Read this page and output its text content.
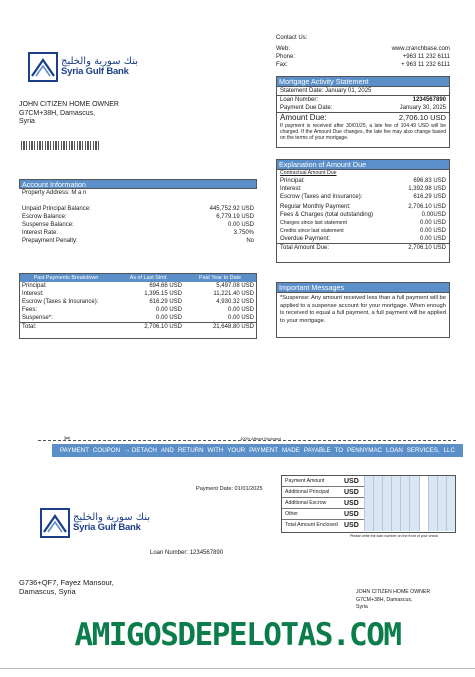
بنك سورية والخليج
Syria Gulf Bank
Contact Us:
Web:	www.cranchbase.com
Phone:	+963 11 232 6111
Fax:	+ 963 11 232 6111
JOHN CITIZEN HOME OWNER
G7CM+38H, Damascus,
Syria
Mortgage Activity Statement
Statement Date: January 01, 2025
Loan Number:	1234567890
Payment Due Date:	January 30, 2025
Amount Due:	2,706.10 USD
If payment is received after 30/01/25, a late fee of 104.49 USD will be charged. If the Amount Due changes, the late fee may also change based on the terms of your mortgage.
Explanation of Amount Due
Contractual Amount Due
Principal:	696.83 USD
Interest:	1,392.98 USD
Escrow (Taxes and Insurance):	616.29 USD
Regular Monthly Payment:	2,706.10 USD
Fees & Charges (total outstanding)	0.00USD
Charges since last statement	0.00 USD
Credits since last statement	0.00 USD
Overdue Payment:	0.00 USD
Total Amount Due:	2,706.10 USD
Account Information
Property Address: M a n
Unpaid Principal Balance:	445,752.92 USD
Escrow Balance:	6,779.19 USD
Suspense Balance:	0.00 USD
Interest Rate:	3.750%
Prepayment Penalty:	No
Past Payments Breakdown	As of Last Stmt	Paid Year to Date
Principal:	694.66 USD	5,497.08 USD
Interest:	1,395.15 USD	11,221.40 USD
Escrow (Taxes & Insurance):	616.29 USD	4,930.32 USD
Fees:	0.00 USD	0.00 USD
Suspense*:	0.00 USD	0.00 USD
Total:	2,706.10 USD	21,648.80 USD
Important Messages
*Suspense: Any amount received less than a full payment will be applied to a suspense account for your mortgage. When enough is received to equal a full payment, a full payment will be applied to your mortgage.
✂	100% Affixed Enclosed
PAYMENT COUPON → DETACH AND RETURN WITH YOUR PAYMENT MADE PAYABLE TO PENNYMAC LOAN SERVICES, LLC
Payment Date: 01/01/2025
Payment Amount	USD
Additional Principal	USD
Additional Escrow	USD
Other	USD
Total Amount Enclosed USD
Please write the loan number on the front of your check
بنك سورية والخليج
Syria Gulf Bank
Loan Number: 1234567890
G736+QF7, Fayez Mansour,
Damascus, Syria	JOHN CITIZEN HOME OWNER
G7CM+38H, Damascus,
Syria
AMIGOSDEPELOTAS.COM
